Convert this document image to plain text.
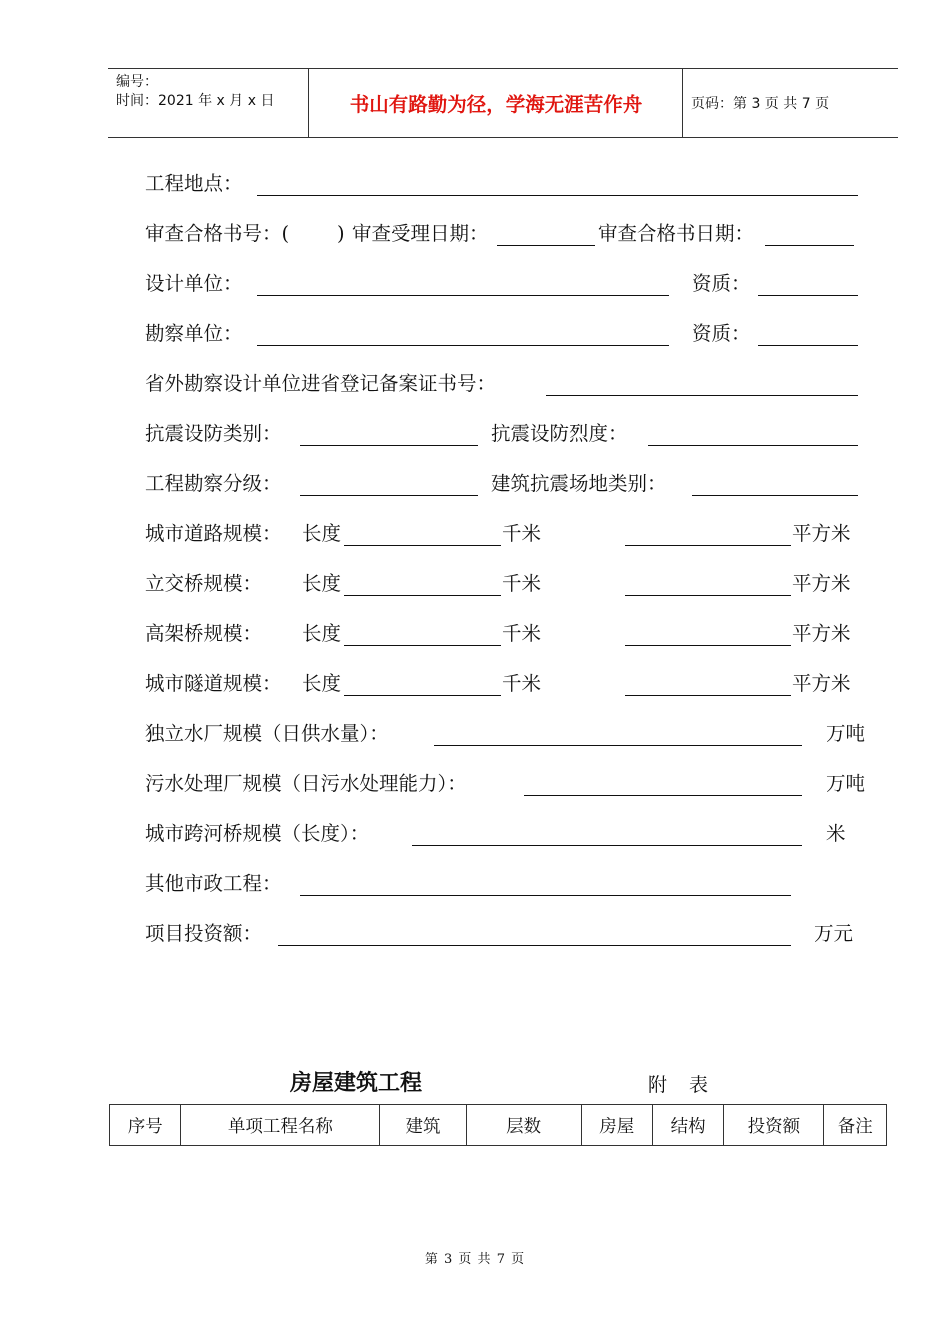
编号：
时间：2021 年 x 月 x 日	书山有路勤为径，学海无涯苦作舟	页码：第 3 页 共 7 页
工程地点：
审查合格书号：( ) 审查受理日期：	审查合格书日期：
设计单位：	资质：
勘察单位：	资质：
省外勘察设计单位进省登记备案证书号：
抗震设防类别：	抗震设防烈度：
工程勘察分级：	建筑抗震场地类别：
城市道路规模： 长度	千米	平方米
立交桥规模： 长度	千米	平方米
高架桥规模： 长度	千米	平方米
城市隧道规模： 长度	千米	平方米
独立水厂规模（日供水量）：	万吨
污水处理厂规模（日污水处理能力）：	万吨
城市跨河桥规模（长度）：	米
其他市政工程：
项目投资额：	万元
房屋建筑工程	附表
序号	单项工程名称	建筑	层数	房屋	结构	投资额	备注
第 3 页 共 7 页
